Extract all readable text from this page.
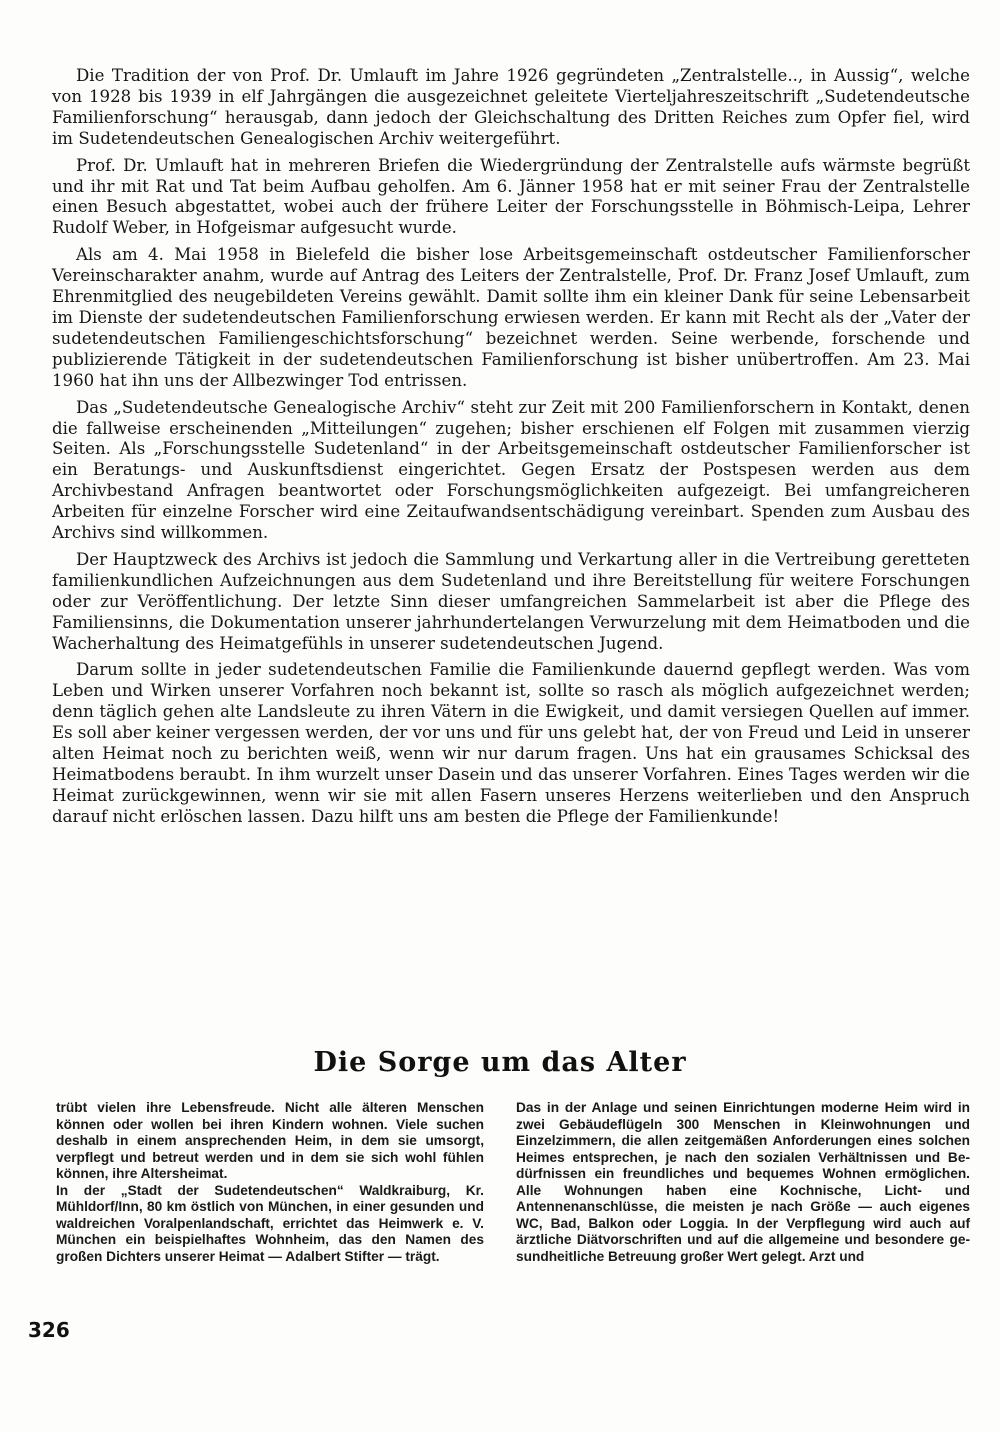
Die Tradition der von Prof. Dr. Umlauft im Jahre 1926 gegründeten „Zentralstelle.., in Aussig“, welche von 1928 bis 1939 in elf Jahrgängen die ausgezeichnet geleitete Vierteljahreszeitschrift „Sudetendeutsche Familienforschung“ herausgab, dann jedoch der Gleichschaltung des Dritten Reiches zum Opfer fiel, wird im Sudetendeutschen Genealogischen Archiv weitergeführt.

Prof. Dr. Umlauft hat in mehreren Briefen die Wiedergründung der Zentralstelle aufs wärmste begrüßt und ihr mit Rat und Tat beim Aufbau geholfen. Am 6. Jänner 1958 hat er mit seiner Frau der Zentralstelle einen Besuch abgestattet, wobei auch der frühere Leiter der Forschungsstelle in Böhmisch-Leipa, Lehrer Rudolf Weber, in Hofgeismar aufgesucht wurde.

Als am 4. Mai 1958 in Bielefeld die bisher lose Arbeitsgemeinschaft ostdeutscher Familienforscher Vereinscharakter anahm, wurde auf Antrag des Leiters der Zentralstelle, Prof. Dr. Franz Josef Umlauft, zum Ehrenmitglied des neugebildeten Vereins gewählt. Damit sollte ihm ein kleiner Dank für seine Lebensarbeit im Dienste der sudetendeutschen Familienforschung erwiesen werden. Er kann mit Recht als der „Vater der sudetendeutschen Familiengeschichtsforschung“ bezeichnet werden. Seine werbende, forschende und publizierende Tätigkeit in der sudetendeutschen Familienforschung ist bisher unübertroffen. Am 23. Mai 1960 hat ihn uns der Allbezwinger Tod entrissen.

Das „Sudetendeutsche Genealogische Archiv“ steht zur Zeit mit 200 Familienforschern in Kontakt, denen die fallweise erscheinenden „Mitteilungen“ zugehen; bisher erschienen elf Folgen mit zusammen vierzig Seiten. Als „Forschungsstelle Sudetenland“ in der Arbeitsgemeinschaft ostdeutscher Familienforscher ist ein Beratungs- und Auskunftsdienst eingerichtet. Gegen Ersatz der Postspesen werden aus dem Archivbestand Anfragen beantwortet oder Forschungsmöglichkeiten aufgezeigt. Bei umfangreicheren Arbeiten für einzelne Forscher wird eine Zeitaufwandsentschädigung vereinbart. Spenden zum Ausbau des Archivs sind willkommen.

Der Hauptzweck des Archivs ist jedoch die Sammlung und Verkartung aller in die Vertreibung geretteten familienkundlichen Aufzeichnungen aus dem Sudetenland und ihre Bereitstellung für weitere Forschungen oder zur Veröffentlichung. Der letzte Sinn dieser umfangreichen Sammelarbeit ist aber die Pflege des Familiensinns, die Dokumentation unserer jahrhundertelangen Verwurzelung mit dem Heimatboden und die Wacherhaltung des Heimatgefühls in unserer sudetendeutschen Jugend.

Darum sollte in jeder sudetendeutschen Familie die Familienkunde dauernd gepflegt werden. Was vom Leben und Wirken unserer Vorfahren noch bekannt ist, sollte so rasch als möglich aufgezeichnet werden; denn täglich gehen alte Landsleute zu ihren Vätern in die Ewigkeit, und damit versiegen Quellen auf immer. Es soll aber keiner vergessen werden, der vor uns und für uns gelebt hat, der von Freud und Leid in unserer alten Heimat noch zu berichten weiß, wenn wir nur darum fragen. Uns hat ein grausames Schicksal des Heimatbodens beraubt. In ihm wurzelt unser Dasein und das unserer Vorfahren. Eines Tages werden wir die Heimat zurückgewinnen, wenn wir sie mit allen Fasern unseres Herzens weiterlieben und den Anspruch darauf nicht erlöschen lassen. Dazu hilft uns am besten die Pflege der Familienkunde!

Die Sorge um das Alter

trübt vielen ihre Lebensfreude. Nicht alle älteren Menschen können oder wollen bei ihren Kindern wohnen. Viele suchen deshalb in einem ansprechenden Heim, in dem sie umsorgt, verpflegt und betreut werden und in dem sie sich wohl fühlen können, ihre Altersheimat.

In der „Stadt der Sudetendeutschen“ Waldkraiburg, Kr. Mühldorf/Inn, 80 km östlich von München, in einer gesunden und waldreichen Voralpenlandschaft, errichtet das Heimwerk e. V. München ein beispielhaftes Wohnheim, das den Namen des großen Dichters unserer Heimat — Adalbert Stifter — trägt.

Das in der Anlage und seinen Einrichtungen moderne Heim wird in zwei Gebäudeflügeln 300 Menschen in Kleinwohnungen und Einzelzimmern, die allen zeitgemäßen Anforderungen eines solchen Heimes entsprechen, je nach den sozialen Verhältnissen und Bedürfnissen ein freundliches und bequemes Wohnen ermöglichen. Alle Wohnungen haben eine Kochnische, Licht- und Antennenanschlüsse, die meisten je nach Größe — auch eigenes WC, Bad, Balkon oder Loggia. In der Verpflegung wird auch auf ärztliche Diätvorschriften und auf die allgemeine und besondere gesundheitliche Betreuung großer Wert gelegt. Arzt und

326
